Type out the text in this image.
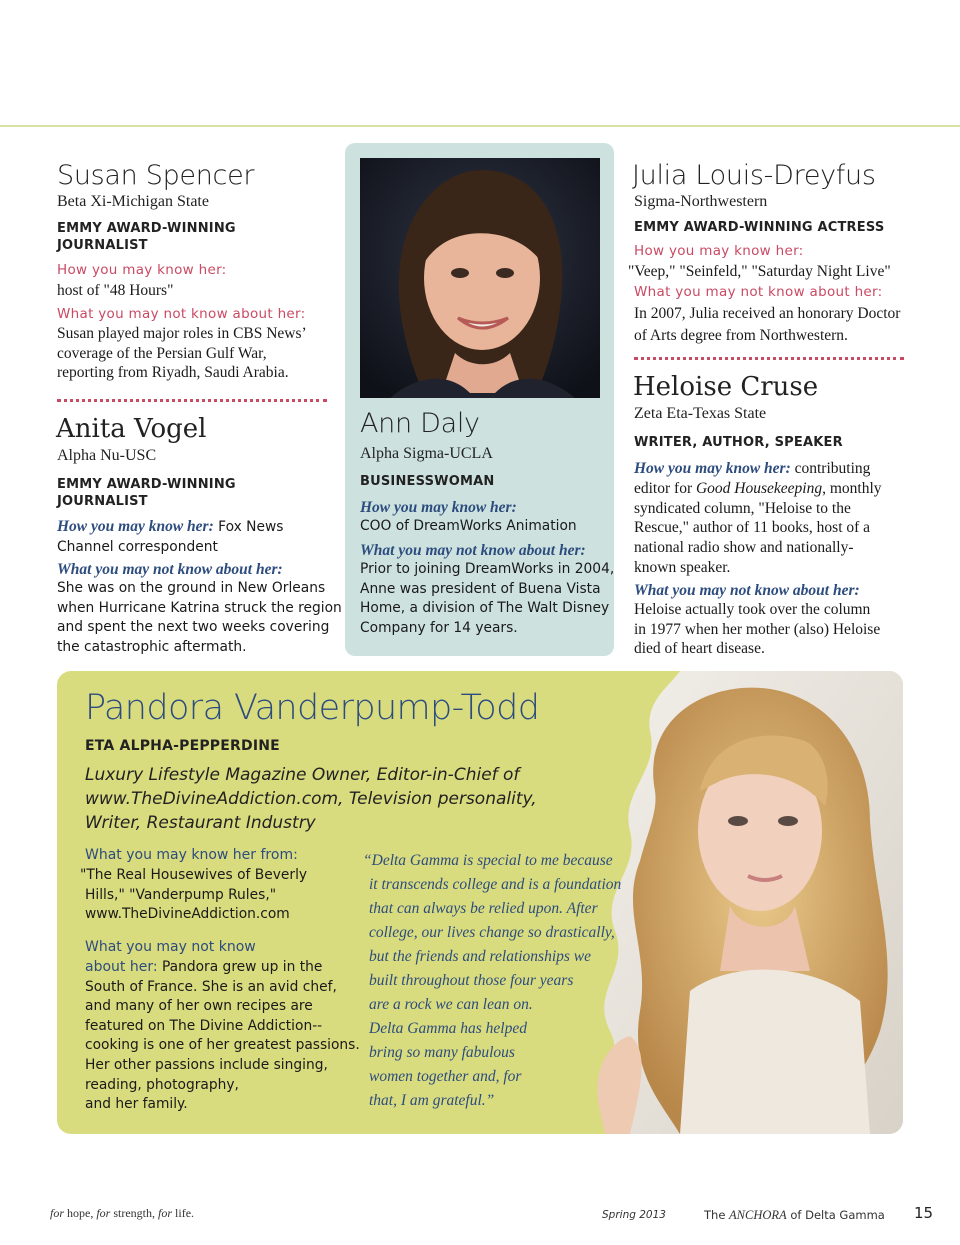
Susan Spencer
Beta Xi-Michigan State
EMMY AWARD-WINNING
JOURNALIST
How you may know her:
host of "48 Hours"
What you may not know about her:
Susan played major roles in CBS News’
coverage of the Persian Gulf War,
reporting from Riyadh, Saudi Arabia.
Anita Vogel
Alpha Nu-USC
EMMY AWARD-WINNING
JOURNALIST
How you may know her: Fox News
Channel correspondent
What you may not know about her:
She was on the ground in New Orleans
when Hurricane Katrina struck the region
and spent the next two weeks covering
the catastrophic aftermath.
Ann Daly
Alpha Sigma-UCLA
BUSINESSWOMAN
How you may know her:
COO of DreamWorks Animation
What you may not know about her:
Prior to joining DreamWorks in 2004,
Anne was president of Buena Vista
Home, a division of The Walt Disney
Company for 14 years.
Julia Louis-Dreyfus
Sigma-Northwestern
EMMY AWARD-WINNING ACTRESS
How you may know her:
"Veep," "Seinfeld," "Saturday Night Live"
What you may not know about her:
In 2007, Julia received an honorary Doctor
of Arts degree from Northwestern.
Heloise Cruse
Zeta Eta-Texas State
WRITER, AUTHOR, SPEAKER
How you may know her: contributing
editor for Good Housekeeping, monthly
syndicated column, "Heloise to the
Rescue," author of 11 books, host of a
national radio show and nationally-
known speaker.
What you may not know about her:
Heloise actually took over the column
in 1977 when her mother (also) Heloise
died of heart disease.
Pandora Vanderpump-Todd
ETA ALPHA-PEPPERDINE
Luxury Lifestyle Magazine Owner, Editor-in-Chief of
www.TheDivineAddiction.com, Television personality,
Writer, Restaurant Industry
What you may know her from:
"The Real Housewives of Beverly
Hills," "Vanderpump Rules,"
www.TheDivineAddiction.com
What you may not know
about her: Pandora grew up in the
South of France. She is an avid chef,
and many of her own recipes are
featured on The Divine Addiction--
cooking is one of her greatest passions.
Her other passions include singing,
reading, photography,
and her family.
“Delta Gamma is special to me because
it transcends college and is a foundation
that can always be relied upon. After
college, our lives change so drastically,
but the friends and relationships we
built throughout those four years
are a rock we can lean on.
Delta Gamma has helped
bring so many fabulous
women together and, for
that, I am grateful.”
for hope, for strength, for life.	Spring 2013	The ANCHORA of Delta Gamma 15
